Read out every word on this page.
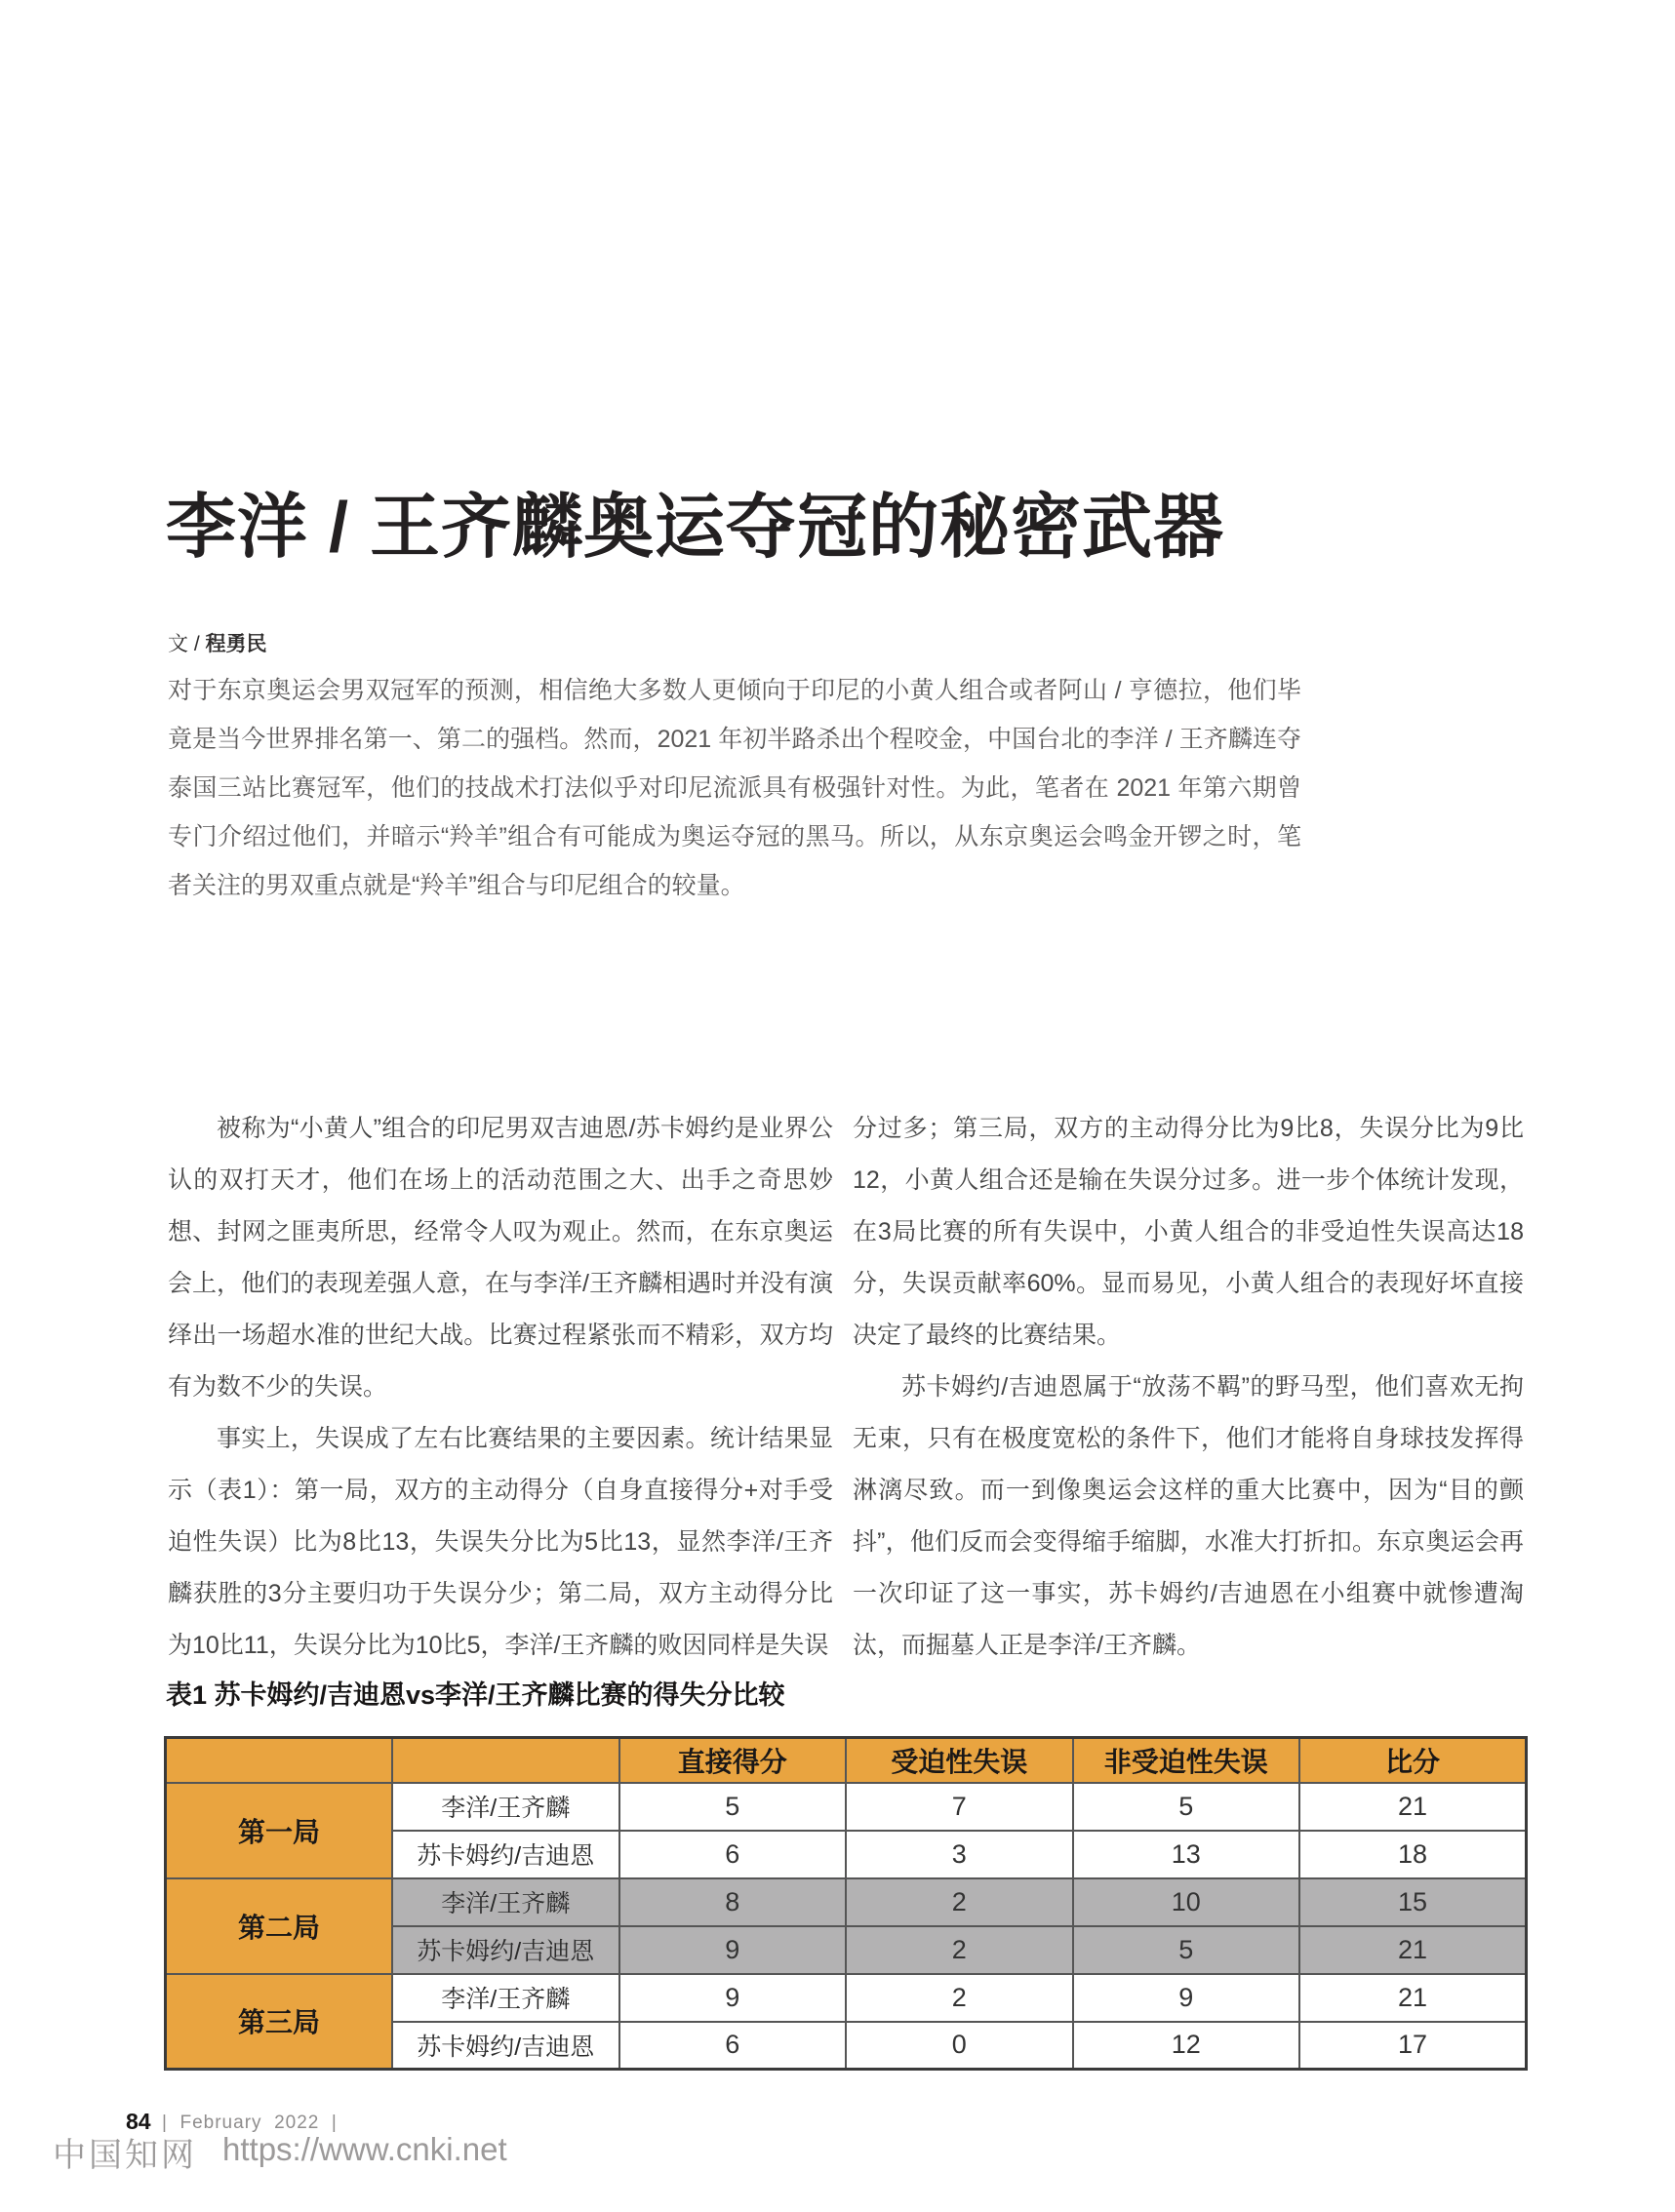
李洋 / 王齐麟奥运夺冠的秘密武器
文 / 程勇民

对于东京奥运会男双冠军的预测，相信绝大多数人更倾向于印尼的小黄人组合或者阿山 / 亨德拉，他们毕竟是当今世界排名第一、第二的强档。然而，2021 年初半路杀出个程咬金，中国台北的李洋 / 王齐麟连夺泰国三站比赛冠军，他们的技战术打法似乎对印尼流派具有极强针对性。为此，笔者在 2021 年第六期曾专门介绍过他们，并暗示“羚羊”组合有可能成为奥运夺冠的黑马。所以，从东京奥运会鸣金开锣之时，笔者关注的男双重点就是“羚羊”组合与印尼组合的较量。

被称为“小黄人”组合的印尼男双吉迪恩/苏卡姆约是业界公认的双打天才，他们在场上的活动范围之大、出手之奇思妙想、封网之匪夷所思，经常令人叹为观止。然而，在东京奥运会上，他们的表现差强人意，在与李洋/王齐麟相遇时并没有演绎出一场超水准的世纪大战。比赛过程紧张而不精彩，双方均有为数不少的失误。

事实上，失误成了左右比赛结果的主要因素。统计结果显示（表1）：第一局，双方的主动得分（自身直接得分+对手受迫性失误）比为8比13，失误失分比为5比13，显然李洋/王齐麟获胜的3分主要归功于失误分少；第二局，双方主动得分比为10比11，失误分比为10比5，李洋/王齐麟的败因同样是失误

分过多；第三局，双方的主动得分比为9比8，失误分比为9比12，小黄人组合还是输在失误分过多。进一步个体统计发现，在3局比赛的所有失误中，小黄人组合的非受迫性失误高达18分，失误贡献率60%。显而易见，小黄人组合的表现好坏直接决定了最终的比赛结果。

苏卡姆约/吉迪恩属于“放荡不羁”的野马型，他们喜欢无拘无束，只有在极度宽松的条件下，他们才能将自身球技发挥得淋漓尽致。而一到像奥运会这样的重大比赛中，因为“目的颤抖”，他们反而会变得缩手缩脚，水准大打折扣。东京奥运会再一次印证了这一事实，苏卡姆约/吉迪恩在小组赛中就惨遭淘汰，而掘墓人正是李洋/王齐麟。

表1 苏卡姆约/吉迪恩vs李洋/王齐麟比赛的得失分比较
		直接得分	受迫性失误	非受迫性失误	比分
第一局	李洋/王齐麟	5	7	5	21
	苏卡姆约/吉迪恩	6	3	13	18
第二局	李洋/王齐麟	8	2	10	15
	苏卡姆约/吉迪恩	9	2	5	21
第三局	李洋/王齐麟	9	2	9	21
	苏卡姆约/吉迪恩	6	0	12	17
84 |  February  2022  |
中国知网 https://www.cnki.net
